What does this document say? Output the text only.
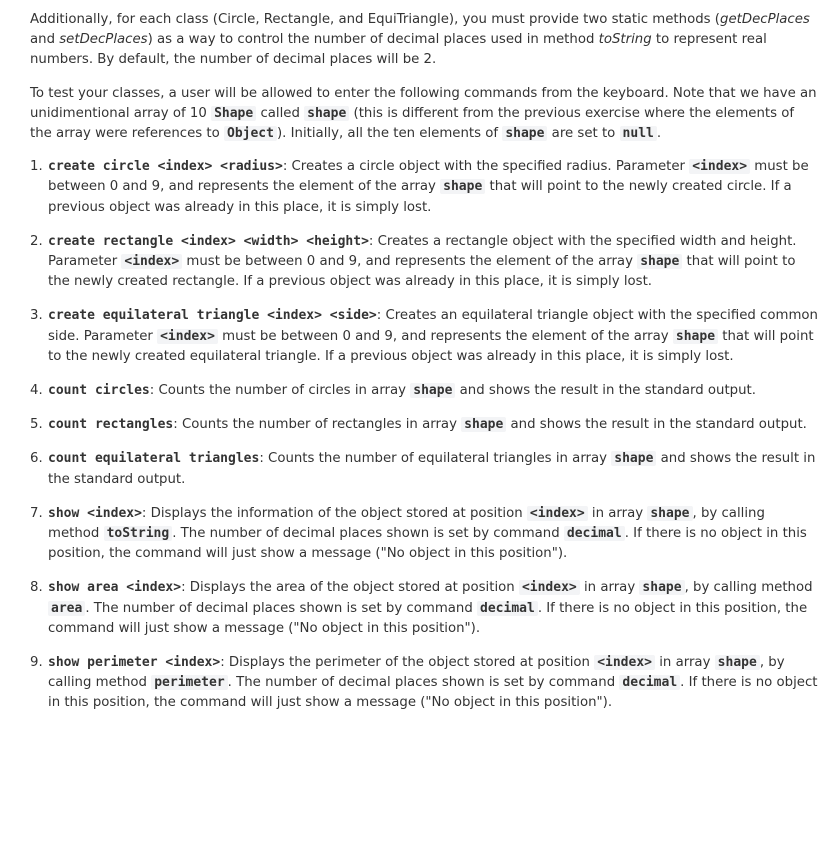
Additionally, for each class (Circle, Rectangle, and EquiTriangle), you must provide two static methods (getDecPlaces and setDecPlaces) as a way to control the number of decimal places used in method toString to represent real numbers. By default, the number of decimal places will be 2.

To test your classes, a user will be allowed to enter the following commands from the keyboard. Note that we have an unidimentional array of 10 Shape called shape (this is different from the previous exercise where the elements of the array were references to Object ). Initially, all the ten elements of shape are set to null .

1. create circle <index> <radius>: Creates a circle object with the specified radius. Parameter <index> must be between 0 and 9, and represents the element of the array shape that will point to the newly created circle. If a previous object was already in this place, it is simply lost.
2. create rectangle <index> <width> <height>: Creates a rectangle object with the specified width and height. Parameter <index> must be between 0 and 9, and represents the element of the array shape that will point to the newly created rectangle. If a previous object was already in this place, it is simply lost.
3. create equilateral triangle <index> <side>: Creates an equilateral triangle object with the specified common side. Parameter <index> must be between 0 and 9, and represents the element of the array shape that will point to the newly created equilateral triangle. If a previous object was already in this place, it is simply lost.
4. count circles: Counts the number of circles in array shape and shows the result in the standard output.
5. count rectangles: Counts the number of rectangles in array shape and shows the result in the standard output.
6. count equilateral triangles: Counts the number of equilateral triangles in array shape and shows the result in the standard output.
7. show <index>: Displays the information of the object stored at position <index> in array shape , by calling method toString . The number of decimal places shown is set by command decimal . If there is no object in this position, the command will just show a message ("No object in this position").
8. show area <index>: Displays the area of the object stored at position <index> in array shape , by calling method area . The number of decimal places shown is set by command decimal . If there is no object in this position, the command will just show a message ("No object in this position").
9. show perimeter <index>: Displays the perimeter of the object stored at position <index> in array shape , by calling method perimeter . The number of decimal places shown is set by command decimal . If there is no object in this position, the command will just show a message ("No object in this position").
